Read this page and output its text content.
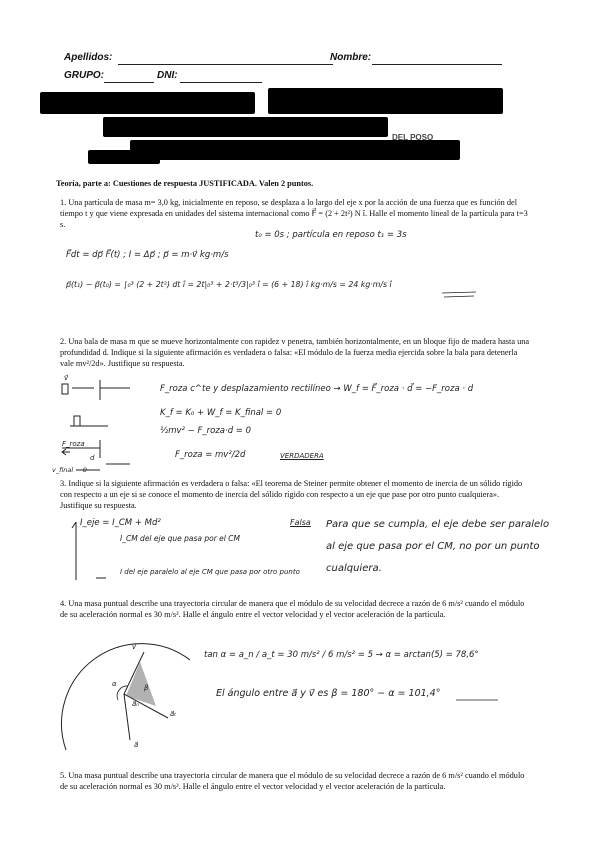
Apellidos:	Nombre:
GRUPO:	DNI:
DEL POSO
Teoría, parte a: Cuestiones de respuesta JUSTIFICADA. Valen 2 puntos.
1. Una partícula de masa m= 3,0 kg, inicialmente en reposo, se desplaza a lo largo del eje x por la acción de una fuerza que es función del tiempo t y que viene expresada en unidades del sistema internacional como F⃗ = (2 + 2t²) N î. Halle el momento lineal de la partícula para t=3 s.
t₀ = 0s ; partícula en reposo t₁ = 3s
F⃗dt = dp⃗ F⃗(t) ; I = Δp⃗ ; p⃗ = m·v⃗ kg·m/s
p⃗(t₁) − p⃗(t₀) = ∫₀³ (2 + 2t²) dt î = 2t|₀³ + 2·t³/3|₀³ î = (6 + 18) î kg·m/s = 24 kg·m/s î
2. Una bala de masa m que se mueve horizontalmente con rapidez v penetra, también horizontalmente, en un bloque fijo de madera hasta una profundidad d. Indique si la siguiente afirmación es verdadera o falsa: «El módulo de la fuerza media ejercida sobre la bala para detenerla vale mv²/2d». Justifique su respuesta.
v⃗
F_roza
d
v_final = 0
F_roza c^te y desplazamiento rectilíneo → W_f = F⃗_roza · d⃗ = −F_roza · d
K_f = K₀ + W_f = K_final = 0
½mv² − F_roza·d = 0
F_roza = mv²/2d	VERDADERA
3. Indique si la siguiente afirmación es verdadera o falsa: «El teorema de Steiner permite obtener el momento de inercia de un sólido rígido con respecto a un eje si se conoce el momento de inercia del sólido rígido con respecto a un eje que pase por otro punto cualquiera». Justifique su respuesta.
I_eje = I_CM + Md²
I_CM del eje que pasa por el CM
I del eje paralelo al eje CM que pasa por otro punto
Falsa Para que se cumpla, el eje debe ser paralelo al eje que pasa por el CM, no por un punto cualquiera.
4. Una masa puntual describe una trayectoria circular de manera que el módulo de su velocidad decrece a razón de 6 m/s² cuando el módulo de su aceleración normal es 30 m/s². Halle el ángulo entre el vector velocidad y el vector aceleración de la partícula.
v⃗
a⃗
a⃗ₙ
a⃗ₜ
α	β
tan α = a_n / a_t = 30 m/s² / 6 m/s² = 5 → α = arctan(5) = 78,6°
El ángulo entre a⃗ y v⃗ es β = 180° − α = 101,4°
5. Una masa puntual describe una trayectoria circular de manera que el módulo de su velocidad decrece a razón de 6 m/s² cuando el módulo de su aceleración normal es 30 m/s². Halle el ángulo entre el vector velocidad y el vector aceleración de la partícula.
